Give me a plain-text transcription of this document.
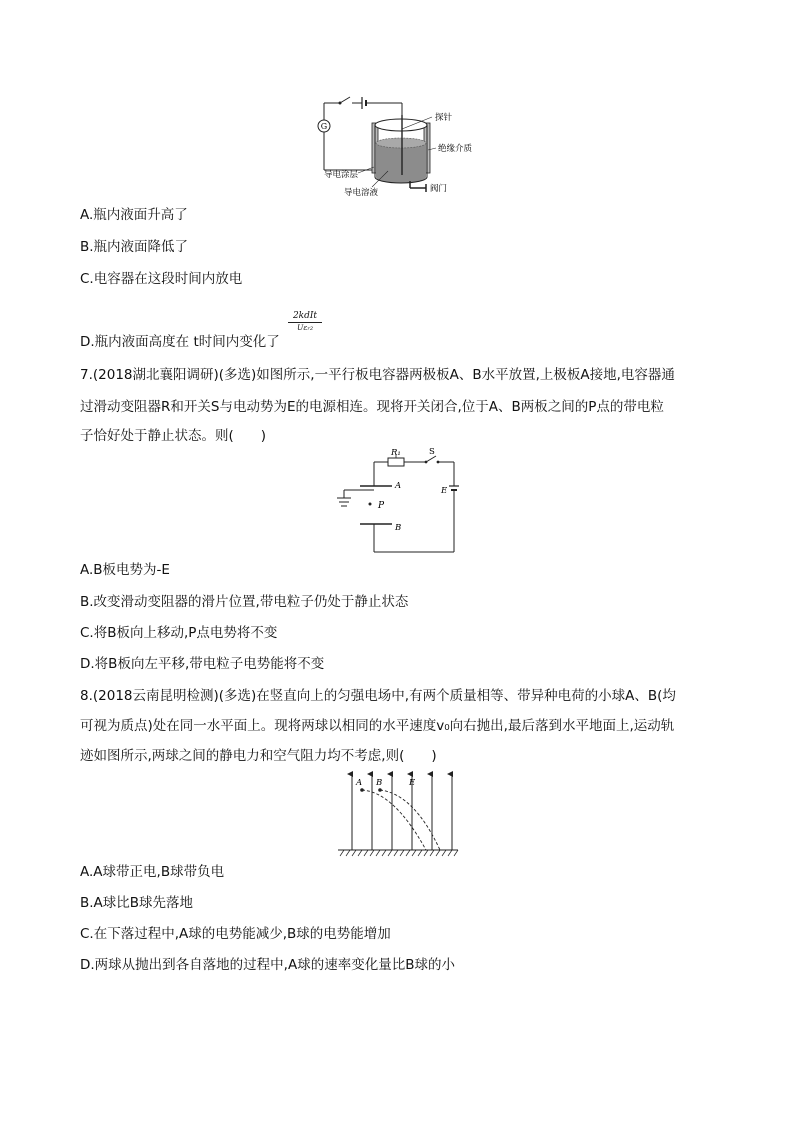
G
探针
绝缘介质
导电涂层
导电溶液	阀门
A.瓶内液面升高了
B.瓶内液面降低了
C.电容器在这段时间内放电
D.瓶内液面高度在 t时间内变化了
2kdIt
Uεᵣ₂
7.(2018湖北襄阳调研)(多选)如图所示,一平行板电容器两极板A、B水平放置,上极板A接地,电容器通
过滑动变阻器R和开关S与电动势为E的电源相连。现将开关闭合,位于A、B两板之间的P点的带电粒
子恰好处于静止状态。则(　　)
P
A
B
R₁	S
E
A.B板电势为-E
B.改变滑动变阻器的滑片位置,带电粒子仍处于静止状态
C.将B板向上移动,P点电势将不变
D.将B板向左平移,带电粒子电势能将不变
8.(2018云南昆明检测)(多选)在竖直向上的匀强电场中,有两个质量相等、带异种电荷的小球A、B(均
可视为质点)处在同一水平面上。现将两球以相同的水平速度v₀向右抛出,最后落到水平地面上,运动轨
迹如图所示,两球之间的静电力和空气阻力均不考虑,则(　　)
A B	E
A.A球带正电,B球带负电
B.A球比B球先落地
C.在下落过程中,A球的电势能减少,B球的电势能增加
D.两球从抛出到各自落地的过程中,A球的速率变化量比B球的小
